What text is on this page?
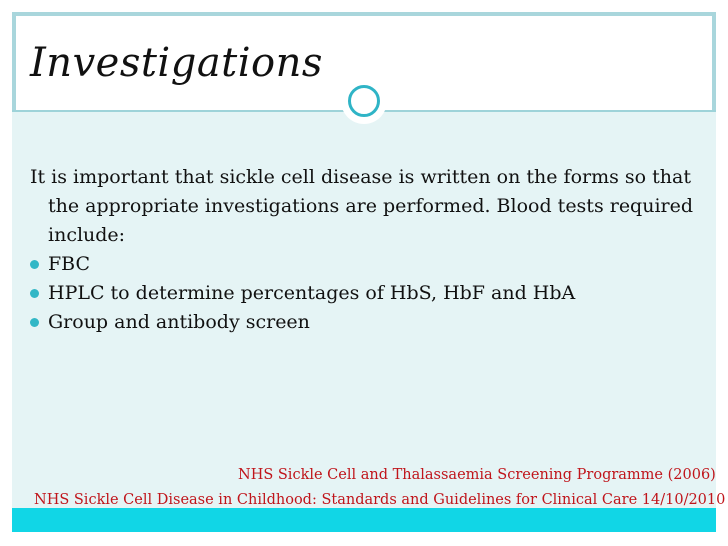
Investigations

It is important that sickle cell disease is written on the forms so that the appropriate investigations are performed. Blood tests required include:

FBC
HPLC to determine percentages of HbS, HbF and HbA
Group and antibody screen
NHS Sickle Cell and Thalassaemia Screening Programme (2006)
NHS Sickle Cell Disease in Childhood: Standards and Guidelines for Clinical Care 14/10/2010
